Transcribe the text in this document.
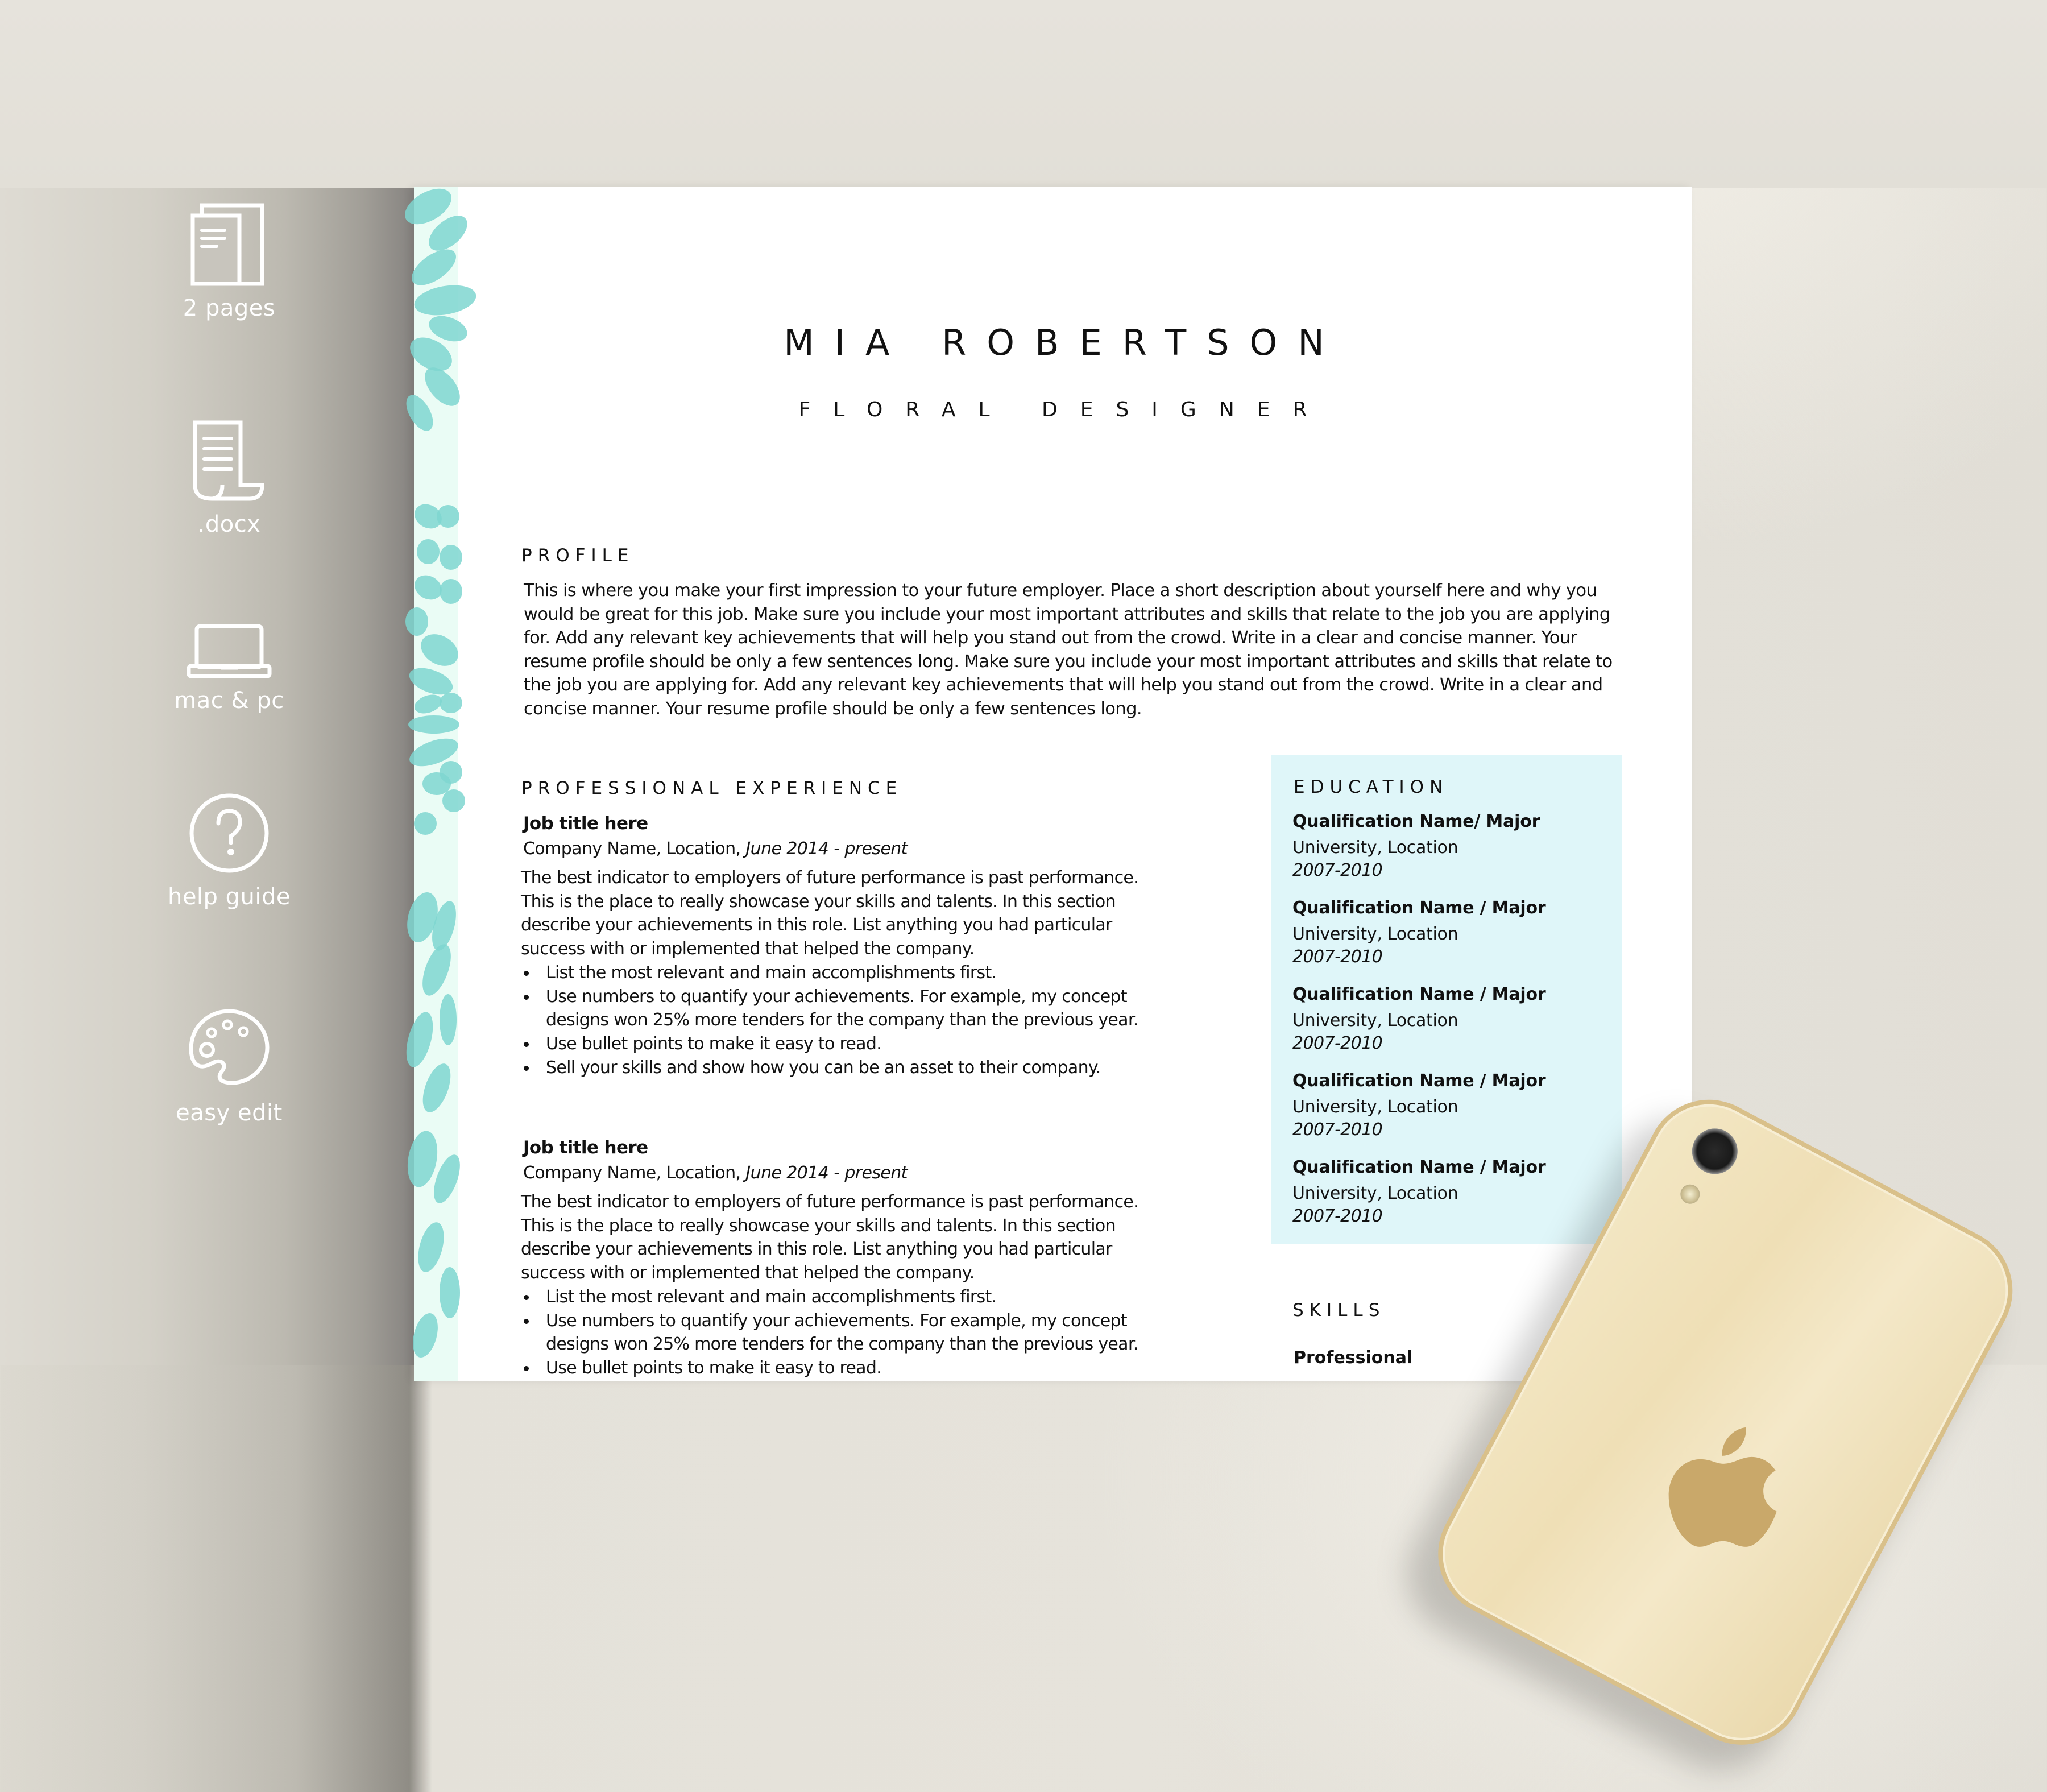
2 pages
.docx
mac & pc
help guide
easy edit
MIA ROBERTSON
FLORAL DESIGNER
PROFILE
This is where you make your first impression to your future employer. Place a short description about yourself here and why you would be great for this job. Make sure you include your most important attributes and skills that relate to the job you are applying for. Add any relevant key achievements that will help you stand out from the crowd. Write in a clear and concise manner. Your resume profile should be only a few sentences long. Make sure you include your most important attributes and skills that relate to the job you are applying for. Add any relevant key achievements that will help you stand out from the crowd. Write in a clear and concise manner. Your resume profile should be only a few sentences long.
PROFESSIONAL EXPERIENCE
Job title here
Company Name, Location, June 2014 - present
The best indicator to employers of future performance is past performance. This is the place to really showcase your skills and talents. In this section describe your achievements in this role. List anything you had particular success with or implemented that helped the company.
List the most relevant and main accomplishments first.
Use numbers to quantify your achievements. For example, my concept designs won 25% more tenders for the company than the previous year.
Use bullet points to make it easy to read.
Sell your skills and show how you can be an asset to their company.
Job title here
Company Name, Location, June 2014 - present
The best indicator to employers of future performance is past performance. This is the place to really showcase your skills and talents. In this section describe your achievements in this role. List anything you had particular success with or implemented that helped the company.
List the most relevant and main accomplishments first.
Use numbers to quantify your achievements. For example, my concept designs won 25% more tenders for the company than the previous year.
Use bullet points to make it easy to read.
EDUCATION
Qualification Name/ Major
University, Location
2007-2010
Qualification Name / Major
University, Location
2007-2010
Qualification Name / Major
University, Location
2007-2010
Qualification Name / Major
University, Location
2007-2010
Qualification Name / Major
University, Location
2007-2010
SKILLS
Professional
